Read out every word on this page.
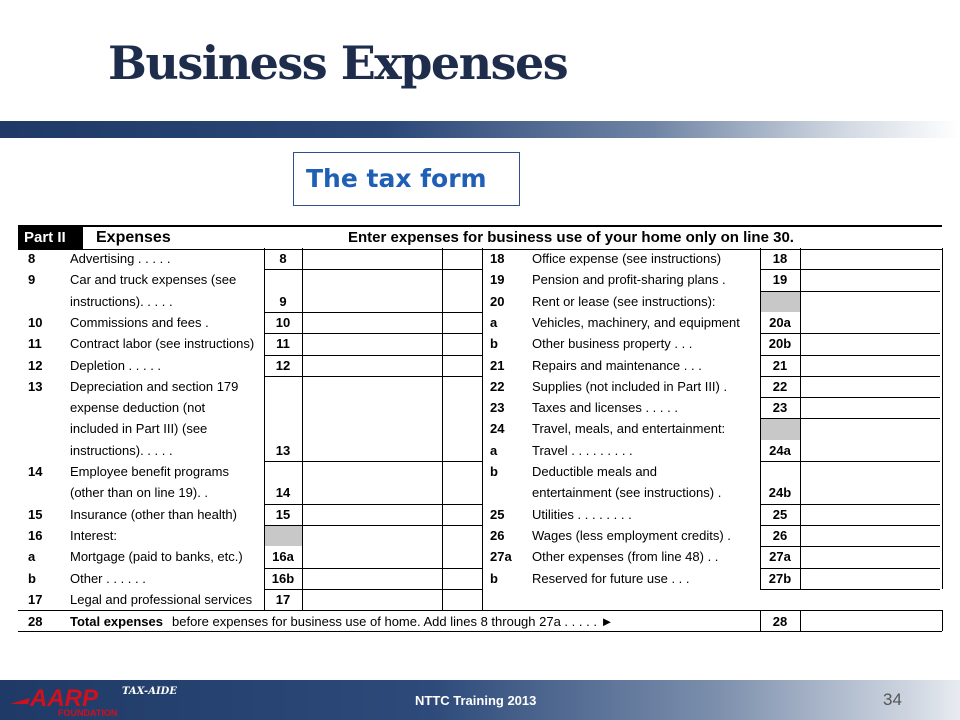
Business Expenses
The tax form
Part II	Expenses	Enter expenses for business use of your home only on line 30.
8	Advertising . . . . .	8
9	Car and truck expenses (see
instructions). . . . .	9
10 Commissions and fees .	10
11 Contract labor (see instructions)	11
12 Depletion . . . . .	12
13 Depreciation and section 179
expense deduction (not
included in Part III) (see
instructions). . . . .	13
14 Employee benefit programs
(other than on line 19). .	14
15 Insurance (other than health)	15
16 Interest:
a	Mortgage (paid to banks, etc.)	16a
b	Other . . . . . .	16b
17 Legal and professional services	17
18 Office expense (see instructions)	18
19 Pension and profit-sharing plans .	19
20 Rent or lease (see instructions):
a	Vehicles, machinery, and equipment	20a
b	Other business property . . .	20b
21 Repairs and maintenance . . .	21
22 Supplies (not included in Part III) .	22
23 Taxes and licenses . . . . .	23
24 Travel, meals, and entertainment:
a	Travel . . . . . . . . .	24a
b	Deductible meals and
entertainment (see instructions) .	24b
25 Utilities . . . . . . . .	25
26 Wages (less employment credits) .	26
27a Other expenses (from line 48) . .	27a
b	Reserved for future use . . .	27b
28 Total expenses before expenses for business use of home. Add lines 8 through 27a . . . . . ►	28
AARP TAX-AIDE
FOUNDATION
NTTC Training 2013	34
